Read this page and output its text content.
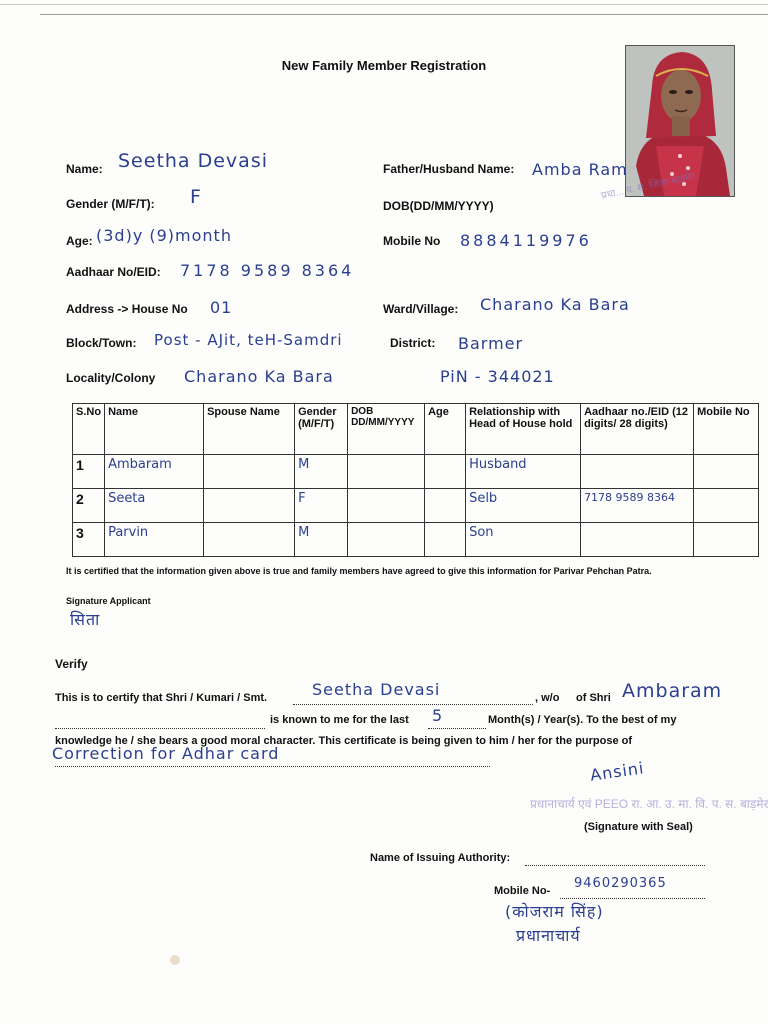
New Family Member Registration
प्रधा... प. स. जिला-बाड़मेर
प्रधानाचार्य एवं PEEO रा. आ. उ. मा. वि. प. स. बाड़मेर
Name: Seetha Devasi	Father/Husband Name: Amba Ram
Gender (M/F/T): F	DOB(DD/MM/YYYY)
Age: (3d)y (9)month	Mobile No 8884119976
Aadhaar No/EID: 7178 9589 8364
Address -> House No 01	Ward/Village: Charano Ka Bara
Block/Town: Post - AJit, teH-Samdri	District: Barmer
Locality/Colony Charano Ka Bara	PiN - 344021
S.No	Name	Spouse Name	Gender (M/F/T)	DOB DD/MM/YYYY	Age	Relationship with Head of House hold	Aadhaar no./EID (12 digits/ 28 digits)	Mobile No
1	Ambaram		M			Husband		
2	Seeta		F			Selb	7178 9589 8364	
3	Parvin		M			Son		
It is certified that the information given above is true and family members have agreed to give this information for Parivar Pehchan Patra.
Signature Applicant
सिता
Verify
This is to certify that Shri / Kumari / Smt.	Seetha Devasi	, w/o of Shri Ambaram
is known to me for the last 5	Month(s) / Year(s). To the best of my
knowledge he / she bears a good moral character. This certificate is being given to him / her for the purpose of
Correction for Adhar card
Ansini
(Signature with Seal)
Name of Issuing Authority:
Mobile No- 9460290365
(कोजराम सिंह)
प्रधानाचार्य
